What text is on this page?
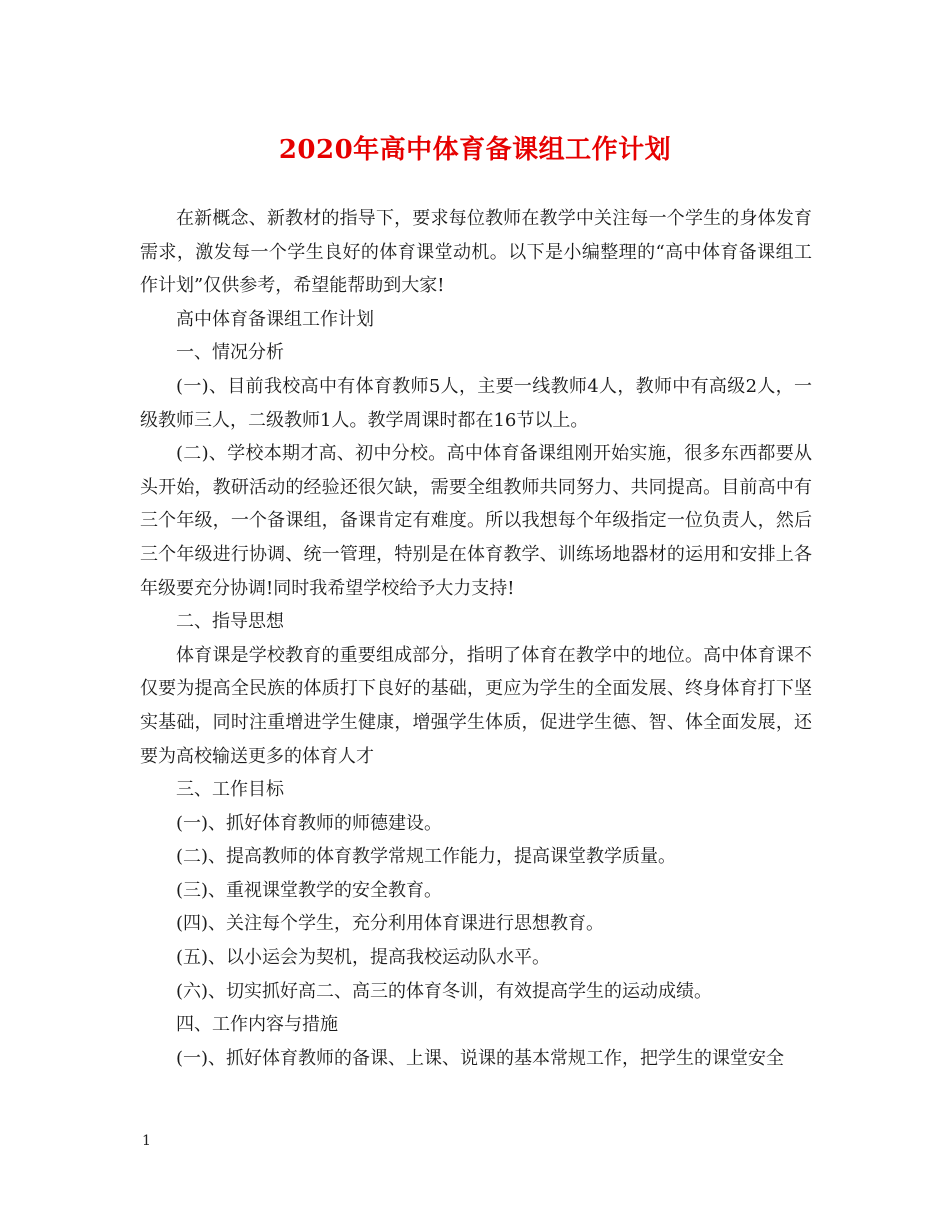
2020年高中体育备课组工作计划

在新概念、新教材的指导下，要求每位教师在教学中关注每一个学生的身体发育需求，激发每一个学生良好的体育课堂动机。以下是小编整理的“高中体育备课组工作计划”仅供参考，希望能帮助到大家!

高中体育备课组工作计划

一、情况分析

(一)、目前我校高中有体育教师5人，主要一线教师4人，教师中有高级2人，一级教师三人，二级教师1人。教学周课时都在16节以上。

(二)、学校本期才高、初中分校。高中体育备课组刚开始实施，很多东西都要从头开始，教研活动的经验还很欠缺，需要全组教师共同努力、共同提高。目前高中有三个年级，一个备课组，备课肯定有难度。所以我想每个年级指定一位负责人，然后三个年级进行协调、统一管理，特别是在体育教学、训练场地器材的运用和安排上各年级要充分协调!同时我希望学校给予大力支持!

二、指导思想

体育课是学校教育的重要组成部分，指明了体育在教学中的地位。高中体育课不仅要为提高全民族的体质打下良好的基础，更应为学生的全面发展、终身体育打下坚实基础，同时注重增进学生健康，增强学生体质，促进学生德、智、体全面发展，还要为高校输送更多的体育人才

三、工作目标

(一)、抓好体育教师的师德建设。

(二)、提高教师的体育教学常规工作能力，提高课堂教学质量。

(三)、重视课堂教学的安全教育。

(四)、关注每个学生，充分利用体育课进行思想教育。

(五)、以小运会为契机，提高我校运动队水平。

(六)、切实抓好高二、高三的体育冬训，有效提高学生的运动成绩。

四、工作内容与措施

(一)、抓好体育教师的备课、上课、说课的基本常规工作，把学生的课堂安全

1
